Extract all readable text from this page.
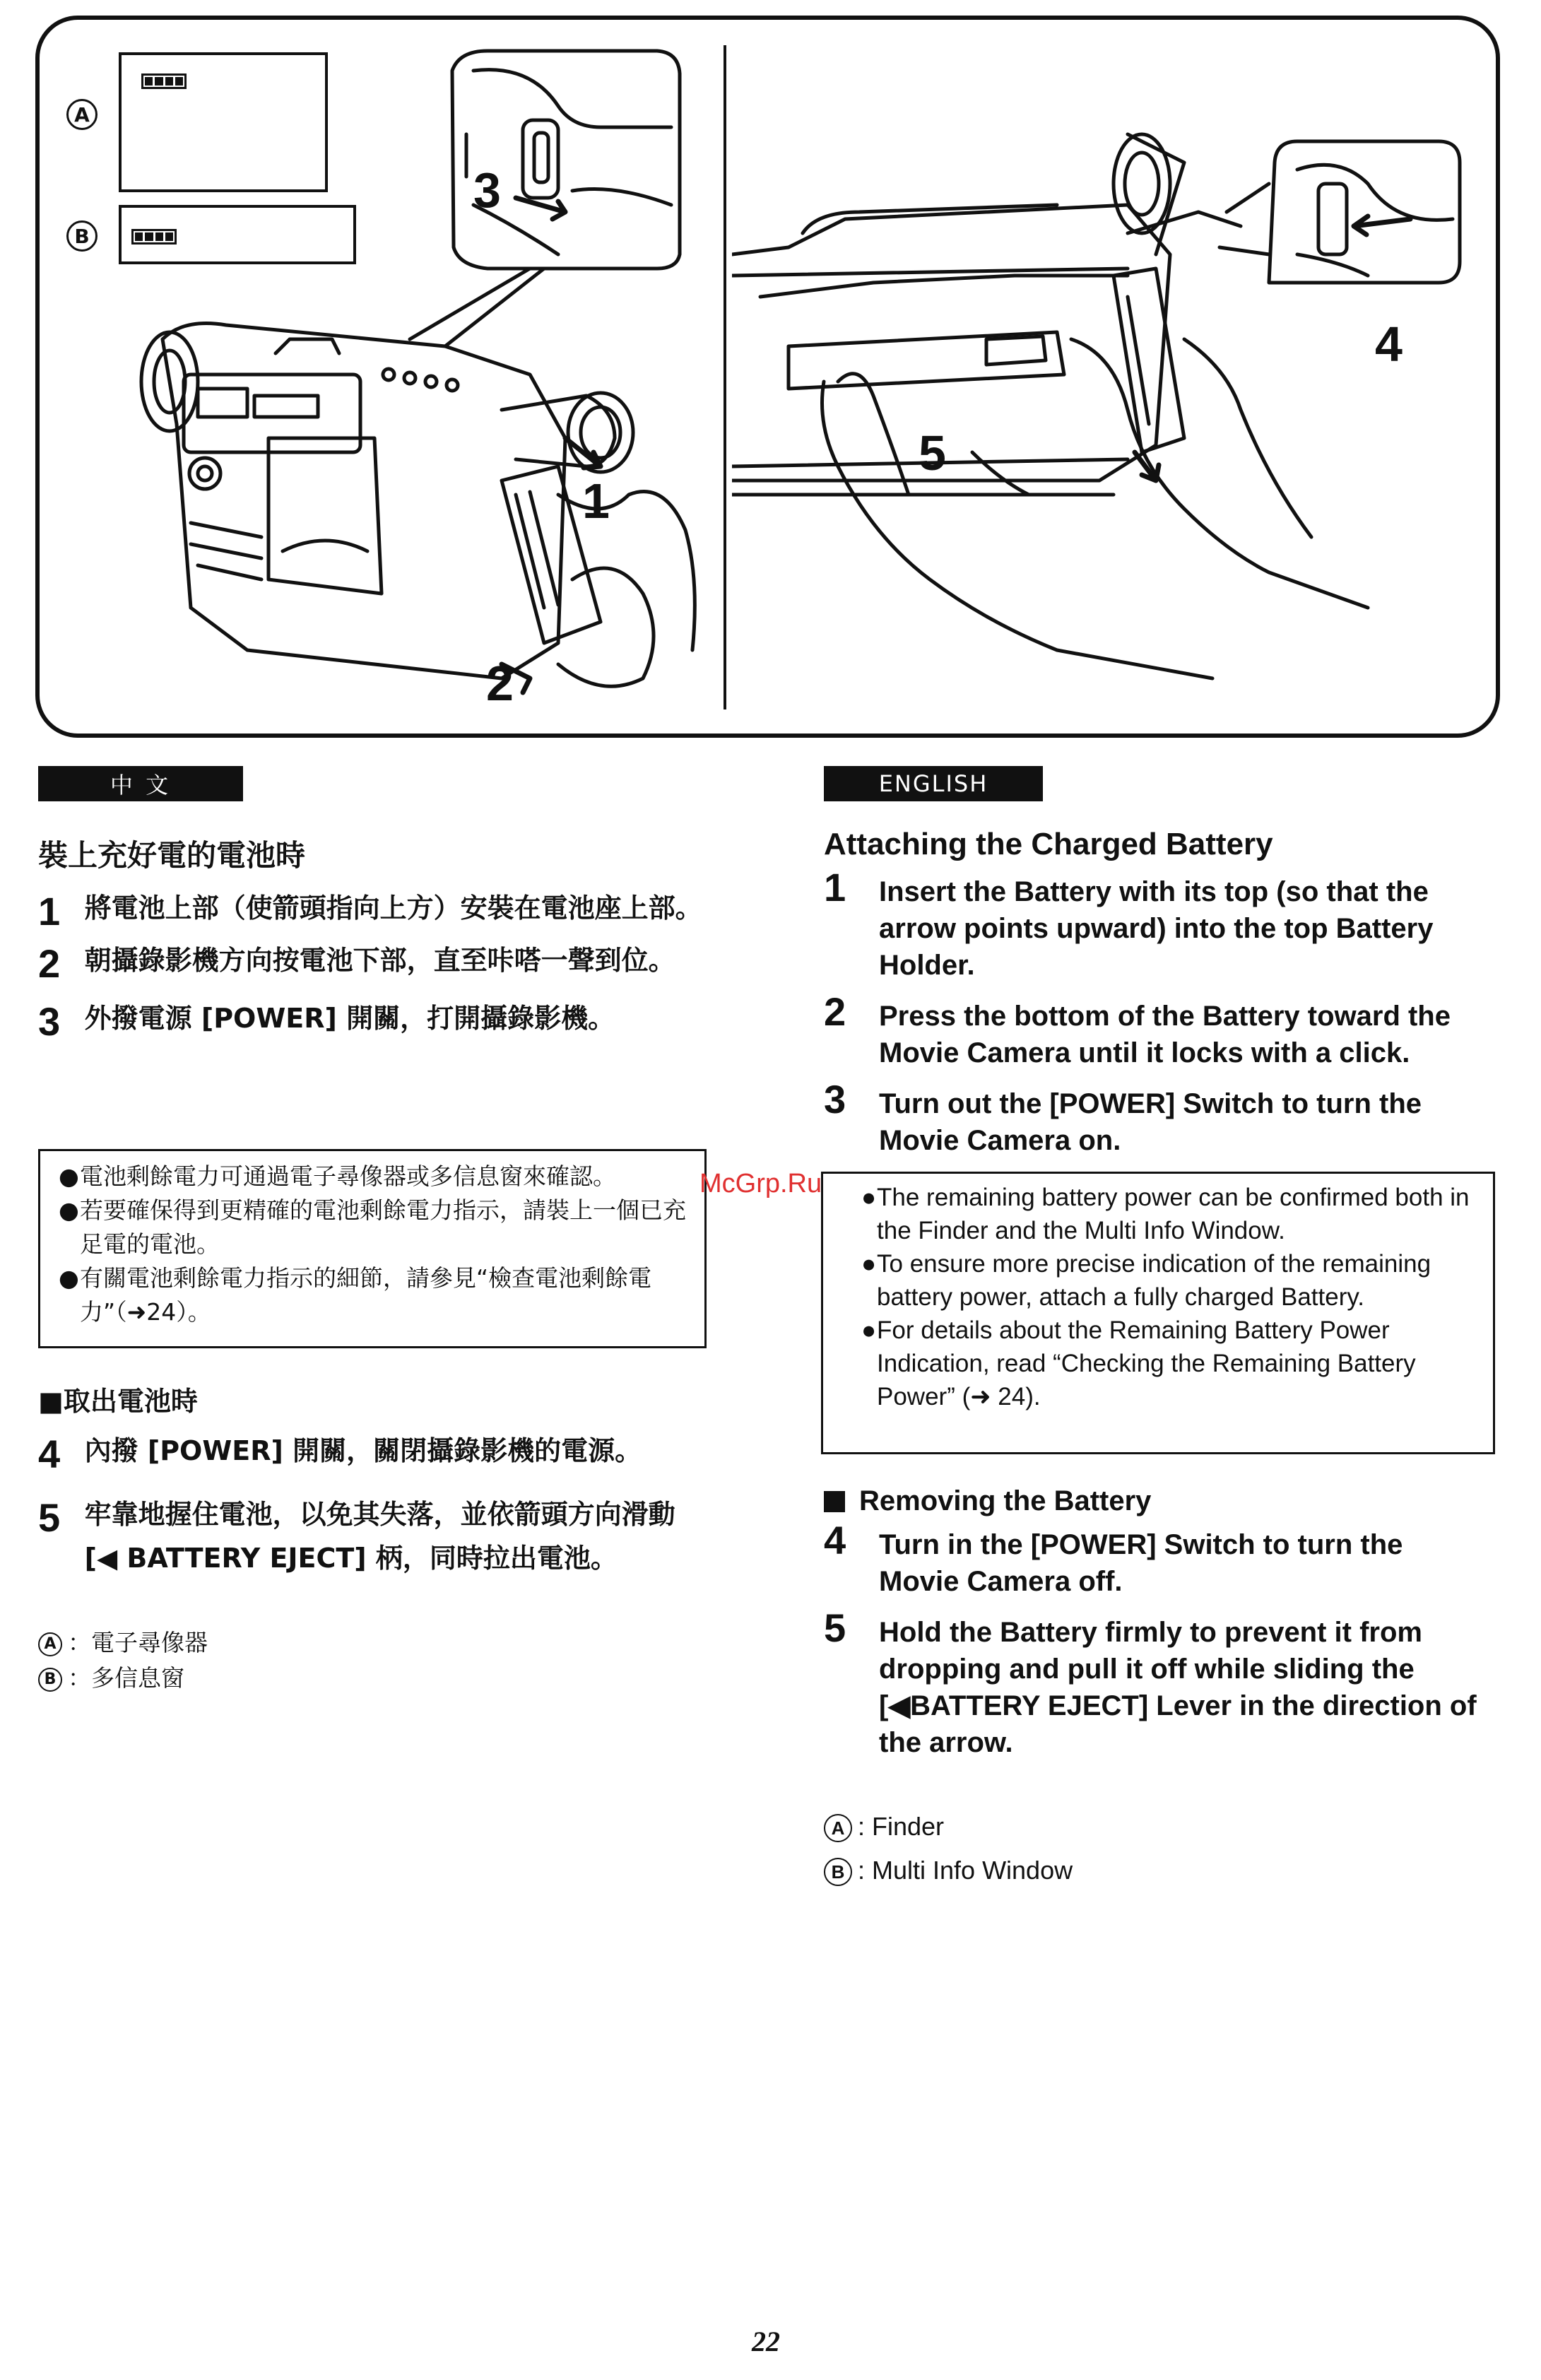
A
B
3
1
2
4
5
中 文
裝上充好電的電池時
1 將電池上部（使箭頭指向上方）安裝在電池座上部。
2 朝攝錄影機方向按電池下部，直至咔嗒一聲到位。
3 外撥電源 [POWER] 開關，打開攝錄影機。
● 電池剩餘電力可通過電子尋像器或多信息窗來確認。
● 若要確保得到更精確的電池剩餘電力指示，請裝上一個已充足電的電池。
● 有關電池剩餘電力指示的細節，請參見“檢查電池剩餘電力”（➜24）。
■取出電池時
4 內撥 [POWER] 開關，關閉攝錄影機的電源。
5 牢靠地握住電池，以免其失落，並依箭頭方向滑動 [◀ BATTERY EJECT] 柄，同時拉出電池。
A ：電子尋像器
B ：多信息窗
ENGLISH
Attaching the Charged Battery
1	Insert the Battery with its top (so that the arrow points upward) into the top Battery Holder.
2	Press the bottom of the Battery toward the Movie Camera until it locks with a click.
3	Turn out the [POWER] Switch to turn the Movie Camera on.
● The remaining battery power can be confirmed both in the Finder and the Multi Info Window.
● To ensure more precise indication of the remaining battery power, attach a fully charged Battery.
● For details about the Remaining Battery Power Indication, read “Checking the Remaining Battery Power” (➜ 24).
Removing the Battery
4	Turn in the [POWER] Switch to turn the Movie Camera off.
5	Hold the Battery firmly to prevent it from dropping and pull it off while sliding the [◀BATTERY EJECT] Lever in the direction of the arrow.
A : Finder
B : Multi Info Window
McGrp.Ru
22
